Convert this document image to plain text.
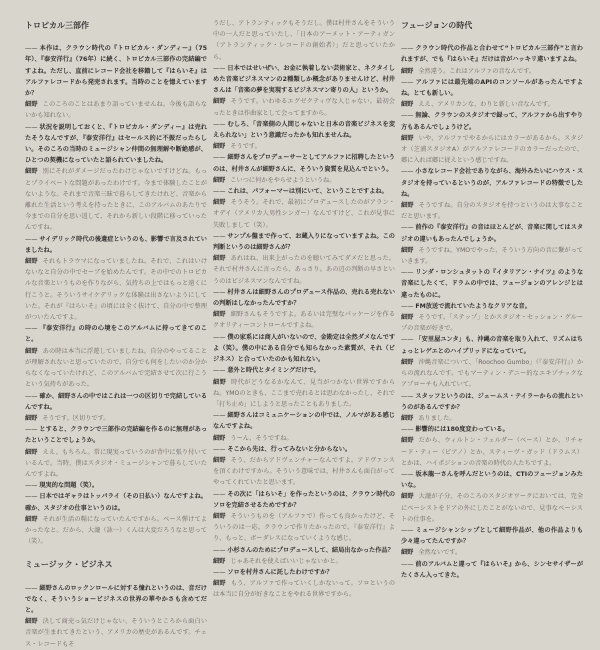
トロピカル三部作

—— 本作は、クラウン時代の『トロピカル・ダンディー』（75年）、『泰安洋行』（76年）に続く、トロピカル三部作の完結編ですよね。ただし、直前にレコード会社を移籍して『はらいそ』はアルファレコードから発売されます。当時のことを憶えていますか？

細野 このころのことはあまり語っていませんね。今後も語らないかも知れない。

—— 状況を説明しておくと、『トロピカル・ダンディー』は売れたそうなんですが、『泰安洋行』はセールス的に不振だったらしい。そのころの当時のミュージシャン仲間の無理解や断絶感が、ひとつの契機になっていたと語られていましたね。

細野 別にそれがダメージだったわけじゃないですけどね。もっとプライベートな問題があったわけです。今まで体験したことがないような。それまで音楽三昧で暮らしてきたけれど、音楽から離れた生活という考えを持ったときに、このアルバムのあたりで今までの自分を思い返して、それから新しい段階に移っていったんですね。

—— サイデリック時代の後遺症というのも、影響で言及されていましたね。

細野 それもトラウマになっていましたね。それで、これはいけないなと自分の中でセーブを始めたんです。その中でのトロピカルな音楽というものを作りながら、気持ちの上ではもっと遠くに行こうと。そういうサイケデリックな体験は出さないようにしていた。それが『はらいそ』の頃には全く抜けて、自分の中で整理がついたんですよ。

—— 『泰安洋行』の時の心境をこのアルバムに持ってきてのこと。

細野 あの時は本当に浮遊していましたね。自分のやってることが理解されないと思っていたので、自分でも何をしたいのか分からなくなっていたけれど、このアルバムで完結させて次に行こうという気持ちがあった。

—— 確か、細野さんの中ではこれは一つの区切りで完結しているんですね。

細野 そうです。区切りです。

—— とすると、クラウンで三部作の完結編を作るのに無理があったということでしょうか。

細野 ええ、もちろん。常に現実っていうのが背中に張り付いているんで。当時、僕はスタジオ・ミュージシャンで暮らしていたんですよね。

—— 現実的な問題（笑）。

—— 日本ではギャラはトッパライ（その日払い）なんですよね。確か、スタジオの仕事というのは。

細野 それが生活の糧になっていたんですから。ベース弾けてよかったなと。だから、大瀧（詠一）くんは大変だろうなと思って（笑）。

ミュージック・ビジネス

—— 細野さんのロックンロールに対する憧れというのは、音だけでなく、そういうショービジネスの世界の華やかさも含めてだと。

細野 決して商売っ気だけじゃない、そういうところから面白い音楽が生まれてきたという、アメリカの歴史があるんです。チェス・レコードもそ

うだし、アトランティックもそうだし。僕は村井さんをそういう中の一人だと思っていたし、「日本のアーメット・アーティガン（アトランティック・レコードの創始者）」だと思っていたから。

—— 日本ではせいぜい、お金に執着しない芸術家と、ネクタイしめた音楽ビジネスマンの2種類しか概念がありませんけど、村井さんは「音楽の夢を実現するビジネスマン寄りの人」というか。

細野 そうです。いわゆるエグゼクティヴな人じゃない。最初会ったときは作曲家として会ってますから。

—— むしろ、「音楽側の人間じゃないと日本の音楽ビジネスを変えられない」という意識だったかも知れませんね。

細野 そうです。

—— 細野さんをプロデューサーとしてアルファに招聘したというのは、村井さんが細野さんに、そういう資質を見込んでという。

細野 こいつに何かをやらせようというね。

—— これは、パフォーマーは別にいて、ということですよね。

細野 そうそう。それで、最初にプロデュースしたのがアラン・オデイ（アメリカ人男性シンガー）なんですけど、これが見事に失敗しまして（笑）。

—— サンプル盤まで作って、お蔵入りになっていますよね。この判断というのは細野さんが？

細野 あれはね、出来上がったのを聴いてみてダメだと思った。それで村井さんに言ったら、あっさり。あの辺の判断の早さというのはビジネスマンなんですね。

—— 村井さんは細野さんのプロデュース作品の、売れる売れないの判断はしなかったんですか？

細野 細野さんもそうですよ。あるいは完璧なパッケージを作るクオリティーコントロールですよね。

—— 僕の家系には商人がいないので、金勘定は全然ダメなんですよ（笑）。僕の中にある自分でも知らなかった素質が、それ（ビジネス）と合っていたのかも知れない。

—— 意外と時代とタイミングだけで。

細野 時代がどうなるかなんて、見当がつかない世界ですからね。YMOのときも、ここまで売れるとは思わなかったし、それで「打ち止め」にしようと思ったこともありました。

—— 細野さんはコミュニケーションの中では、ノルマがある感じなんですよね。

細野 うーん、そうですね。

—— そこから先は、行ってみないと分からない。

細野 そう、だからアドヴェンチャーなんですよ。アドヴァンスを頂くわけですから。そういう意味では、村井さんも面白がってやってくれていたと思います。

—— その次に「はらいそ」を作ったというのは、クラウン時代のソロを完結させるためですか？

細野 そういうものを（アルファで）作っても良かったけど、そういうのは一応、クラウンで作りたかったので。『泰安洋行』より、もっと、ボーダレスになっていくような感じ。

—— 小杉さんのためにプロデュースして、結局出なかった作品？

細野 じゃあそれを使えばいいじゃないかと。

—— ソロを村井さんに託したわけですか？

細野 もう、アルファで作っていくしかないって。ソロというのは本当に自分が好きなことをやれる世界ですから。

フュージョンの時代

—— クラウン時代の作品と合わせて“トロピカル三部作”と言われますが、でも『はらいそ』だけは音がハッキリ違いますよね。

細野 全然違う。これはアルファの音なんです。

—— アルファには最先端のAPIのコンソールがあったんですよね。とても新しい。

細野 ええ、アメリカンな、わりと新しい音なんです。

—— 無論、クラウンのスタジオで録って、アルファから出すやり方もあるんでしょうけど。

細野 いや、アルファでやるからにはカラーがあるから。スタジオ（芝浦スタジオA）がアルファレコードのカラーだったので、郷に入れば郷に従えという感じですね。

—— 小さなレコード会社でありながら、海外みたいにハウス・スタジオを持っているというのが、アルファレコードの特徴でしたね。

細野 そうですね。自分のスタジオを持つというのは大事なことだと思います。

—— 前作の『泰安洋行』の音はほとんどが、音楽に関してはスタジオの違いもあったんでしょうか。

細野 そうですね。YMOでやった、そういう方向の音に繋がっていきます。

—— リンダ・ロンシュタットの『イタリアン・ナイツ』のような音楽にしたくて、ドラムの中では、フュージョンのアレンジとは違ったものに。

—— FM放送で流れていたようなクリアな音。

細野 そうです。「ステップ」とかスタジオ・セッション・グループの音楽が好きで。

—— 「安里屋ユンタ」も、沖縄の音楽を取り入れて、リズムはちょっとレゲエとのハイブリッドになっていて。

細野 沖縄音楽について、「Roochoo Gumbo」（『泰安洋行』）からの流れなんです。でもマーティン・デニー的なエキゾチックなアプローチも入れていて。

—— スタッフというのは、ジェームス・テイラーからの流れというのがあるんですか？

細野 ありました。

—— 影響的には180度変わっている。

細野 だから、ウィルトン・フェルダー（ベース）とか、リチャード・ティー（ピアノ）とか、スティーヴ・ガッド（ドラムス）とかは、ハイポジションの音楽の時代の人たちですよ。

—— 坂本龍一さんを呼んだというのは、CTIのフュージョンみたいな。

細野 大瀧が子分、そのころのスタジオワークにおいては、完全にベーシストをドアの外にしたことがないので、見事なベーシストの仕事を。

—— ミュージシャンシップとして細野作品が、他の作品よりも少々違ってたんですか？

細野 全然ないです。

—— 前のアルバムと違って『はらいそ』から、シンセサイザーがたくさん入ってきた。
